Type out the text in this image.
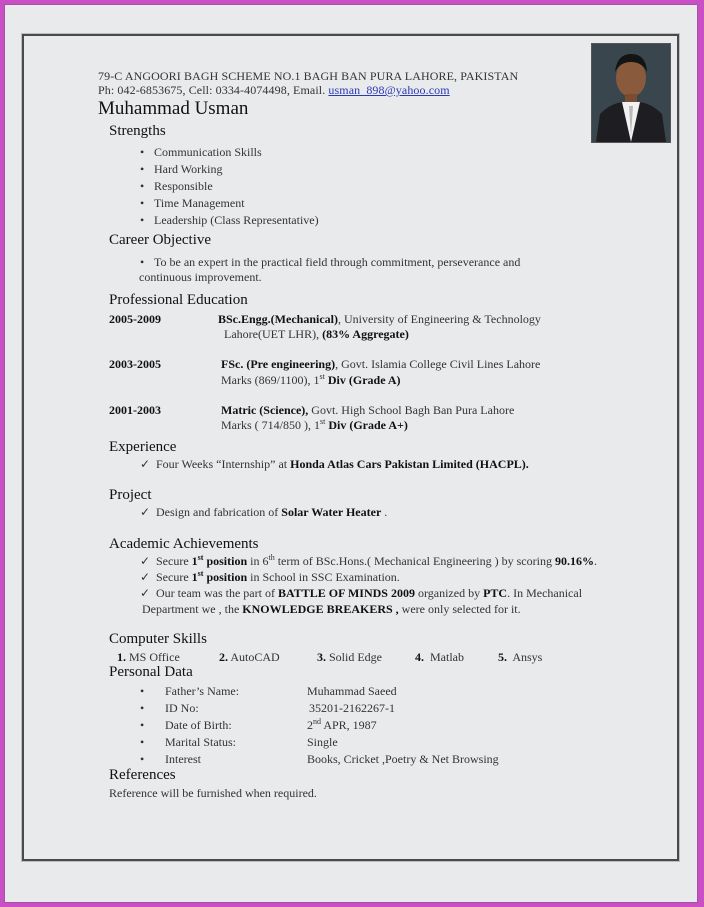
79-C ANGOORI BAGH SCHEME NO.1 BAGH BAN PURA LAHORE, PAKISTAN
Ph: 042-6853675, Cell: 0334-4074498, Email. usman_898@yahoo.com
Muhammad Usman
Strengths
• Communication Skills
• Hard Working
• Responsible
• Time Management
• Leadership (Class Representative)
Career Objective
• To be an expert in the practical field through commitment, perseverance and
continuous improvement.
Professional Education
2005-2009	BSc.Engg.(Mechanical), University of Engineering & Technology
Lahore(UET LHR), (83% Aggregate)
2003-2005	FSc. (Pre engineering), Govt. Islamia College Civil Lines Lahore
Marks (869/1100), 1st Div (Grade A)
2001-2003	Matric (Science), Govt. High School Bagh Ban Pura Lahore
Marks ( 714/850 ), 1st Div (Grade A+)
Experience
✓ Four Weeks “Internship” at Honda Atlas Cars Pakistan Limited (HACPL).
Project
✓ Design and fabrication of Solar Water Heater .
Academic Achievements
✓ Secure 1st position in 6th term of BSc.Hons.( Mechanical Engineering ) by scoring 90.16%.
✓ Secure 1st position in School in SSC Examination.
✓ Our team was the part of BATTLE OF MINDS 2009 organized by PTC. In Mechanical
Department we , the KNOWLEDGE BREAKERS , were only selected for it.
Computer Skills
1. MS Office	2. AutoCAD	3. Solid Edge	4. Matlab	5. Ansys
Personal Data
• Father’s Name:	Muhammad Saeed
• ID No:	35201-2162267-1
• Date of Birth:	2nd APR, 1987
• Marital Status:	Single
• Interest	Books, Cricket ,Poetry & Net Browsing
References
Reference will be furnished when required.
